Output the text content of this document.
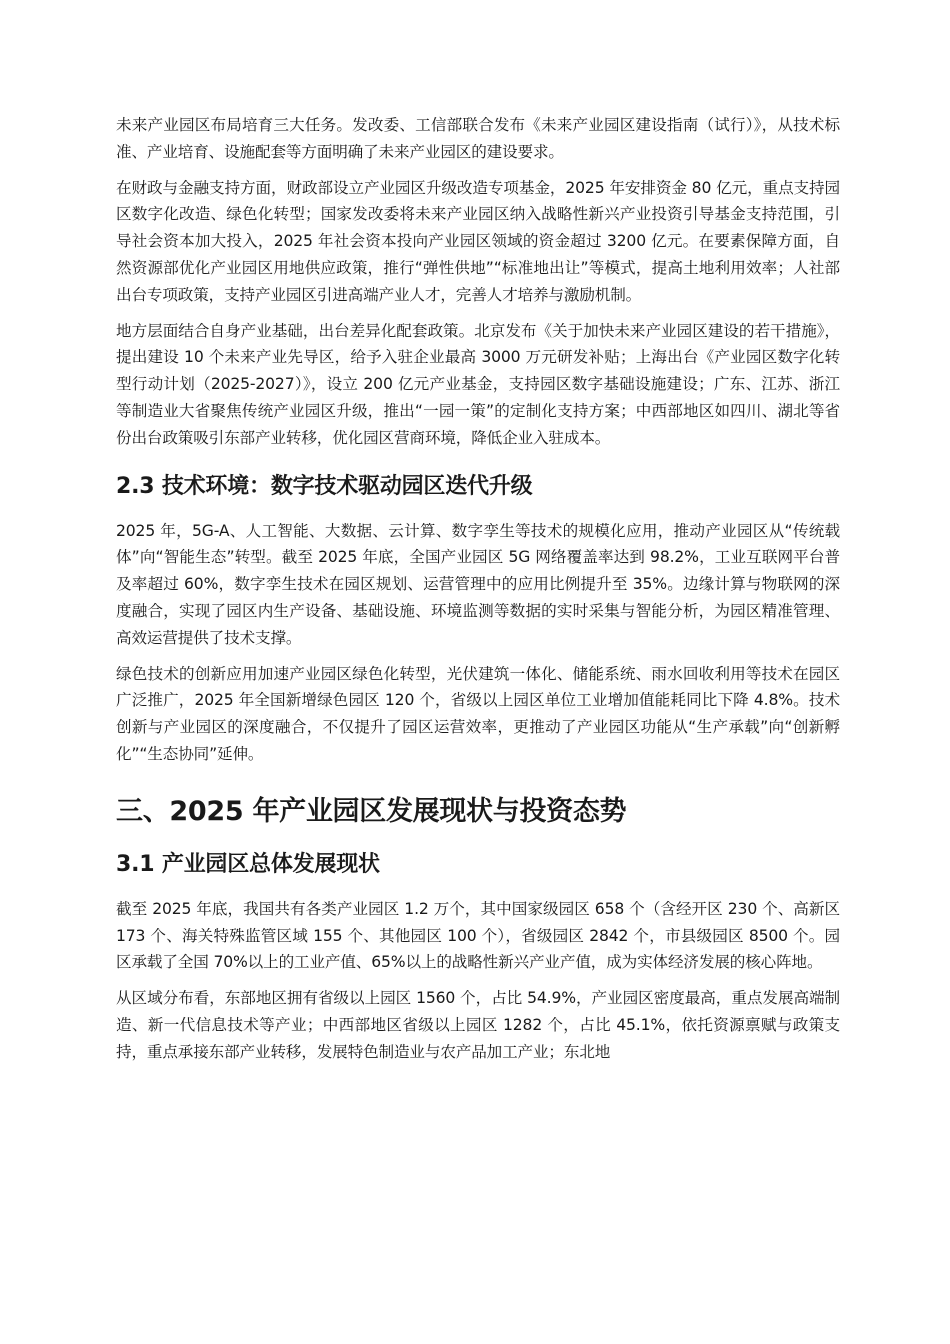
未来产业园区布局培育三大任务。发改委、工信部联合发布《未来产业园区建设指南（试行）》，从技术标准、产业培育、设施配套等方面明确了未来产业园区的建设要求。

在财政与金融支持方面，财政部设立产业园区升级改造专项基金，2025 年安排资金 80 亿元，重点支持园区数字化改造、绿色化转型；国家发改委将未来产业园区纳入战略性新兴产业投资引导基金支持范围，引导社会资本加大投入，2025 年社会资本投向产业园区领域的资金超过 3200 亿元。在要素保障方面，自然资源部优化产业园区用地供应政策，推行“弹性供地”“标准地出让”等模式，提高土地利用效率；人社部出台专项政策，支持产业园区引进高端产业人才，完善人才培养与激励机制。

地方层面结合自身产业基础，出台差异化配套政策。北京发布《关于加快未来产业园区建设的若干措施》，提出建设 10 个未来产业先导区，给予入驻企业最高 3000 万元研发补贴；上海出台《产业园区数字化转型行动计划（2025-2027）》，设立 200 亿元产业基金，支持园区数字基础设施建设；广东、江苏、浙江等制造业大省聚焦传统产业园区升级，推出“一园一策”的定制化支持方案；中西部地区如四川、湖北等省份出台政策吸引东部产业转移，优化园区营商环境，降低企业入驻成本。

2.3 技术环境：数字技术驱动园区迭代升级

2025 年，5G-A、人工智能、大数据、云计算、数字孪生等技术的规模化应用，推动产业园区从“传统载体”向“智能生态”转型。截至 2025 年底，全国产业园区 5G 网络覆盖率达到 98.2%，工业互联网平台普及率超过 60%，数字孪生技术在园区规划、运营管理中的应用比例提升至 35%。边缘计算与物联网的深度融合，实现了园区内生产设备、基础设施、环境监测等数据的实时采集与智能分析，为园区精准管理、高效运营提供了技术支撑。

绿色技术的创新应用加速产业园区绿色化转型，光伏建筑一体化、储能系统、雨水回收利用等技术在园区广泛推广，2025 年全国新增绿色园区 120 个，省级以上园区单位工业增加值能耗同比下降 4.8%。技术创新与产业园区的深度融合，不仅提升了园区运营效率，更推动了产业园区功能从“生产承载”向“创新孵化”“生态协同”延伸。

三、2025 年产业园区发展现状与投资态势
3.1 产业园区总体发展现状

截至 2025 年底，我国共有各类产业园区 1.2 万个，其中国家级园区 658 个（含经开区 230 个、高新区 173 个、海关特殊监管区域 155 个、其他园区 100 个），省级园区 2842 个，市县级园区 8500 个。园区承载了全国 70%以上的工业产值、65%以上的战略性新兴产业产值，成为实体经济发展的核心阵地。

从区域分布看，东部地区拥有省级以上园区 1560 个，占比 54.9%，产业园区密度最高，重点发展高端制造、新一代信息技术等产业；中西部地区省级以上园区 1282 个，占比 45.1%，依托资源禀赋与政策支持，重点承接东部产业转移，发展特色制造业与农产品加工产业；东北地
